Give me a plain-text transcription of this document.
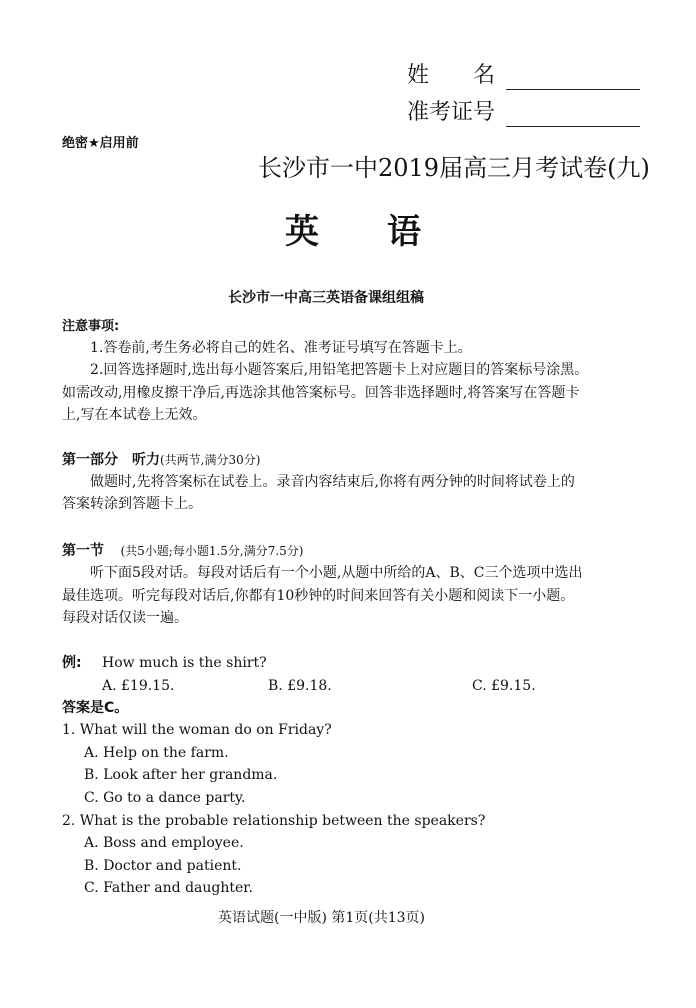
姓　　名
准考证号
绝密★启用前
长沙市一中2019届高三月考试卷(九)
英　　语
长沙市一中高三英语备课组组稿
注意事项:
1.答卷前,考生务必将自己的姓名、准考证号填写在答题卡上。
2.回答选择题时,选出每小题答案后,用铅笔把答题卡上对应题目的答案标号涂黑。
如需改动,用橡皮擦干净后,再选涂其他答案标号。回答非选择题时,将答案写在答题卡
上,写在本试卷上无效。
第一部分　听力(共两节,满分30分)
做题时,先将答案标在试卷上。录音内容结束后,你将有两分钟的时间将试卷上的
答案转涂到答题卡上。
第一节 (共5小题;每小题1.5分,满分7.5分)
听下面5段对话。每段对话后有一个小题,从题中所给的A、B、C三个选项中选出
最佳选项。听完每段对话后,你都有10秒钟的时间来回答有关小题和阅读下一小题。
每段对话仅读一遍。
例: How much is the shirt?
A. £19.15.	B. £9.18.	C. £9.15.
答案是C。
1. What will the woman do on Friday?
A. Help on the farm.
B. Look after her grandma.
C. Go to a dance party.
2. What is the probable relationship between the speakers?
A. Boss and employee.
B. Doctor and patient.
C. Father and daughter.
英语试题(一中版) 第1页(共13页)
